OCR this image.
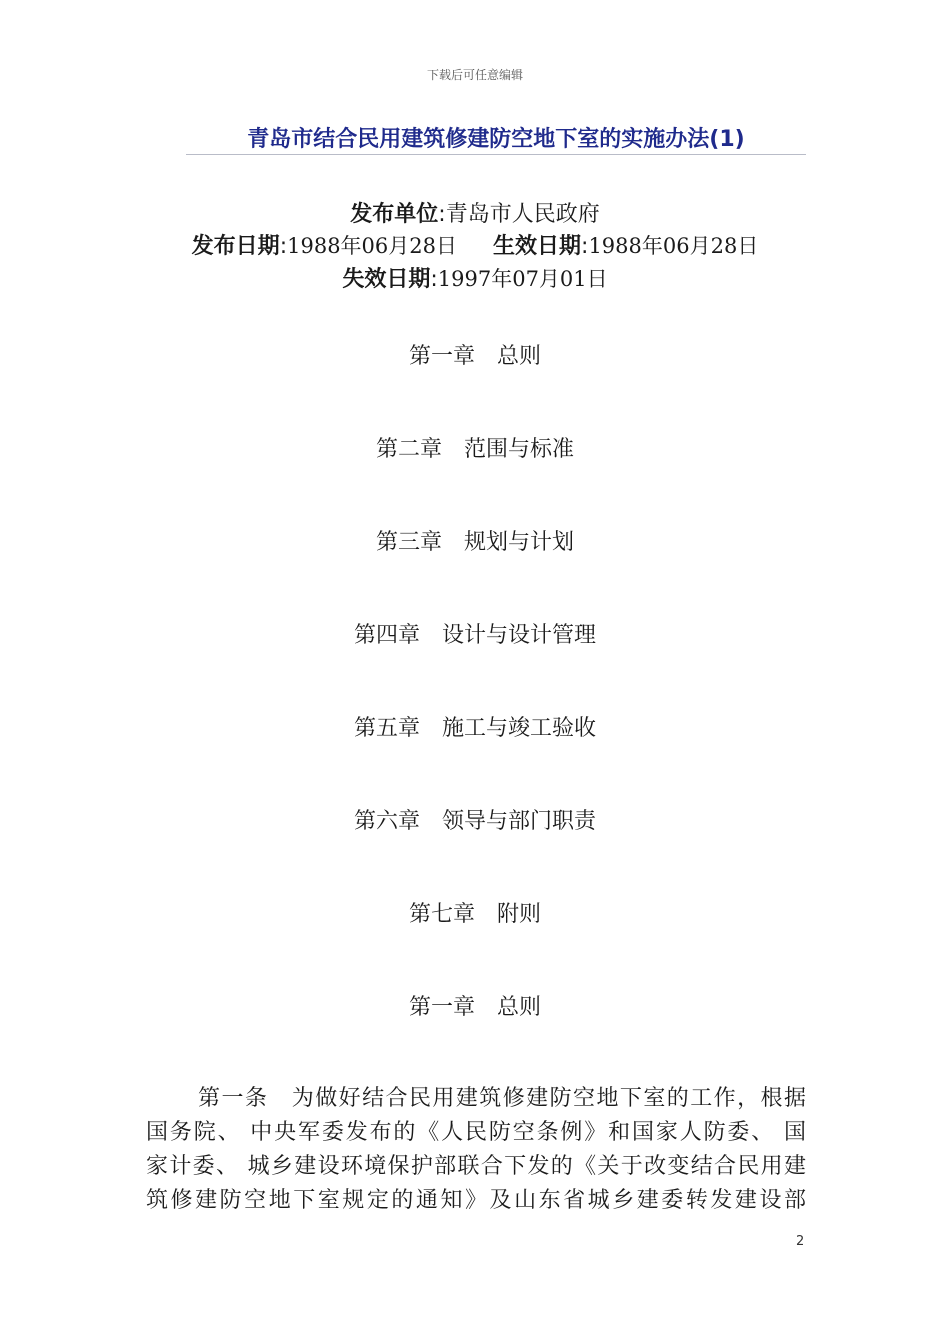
下载后可任意编辑
青岛市结合民用建筑修建防空地下室的实施办法(1)
发布单位:青岛市人民政府
发布日期:1988年06月28日 生效日期:1988年06月28日
失效日期:1997年07月01日
第一章　总则
第二章　范围与标准
第三章　规划与计划
第四章　设计与设计管理
第五章　施工与竣工验收
第六章　领导与部门职责
第七章　附则
第一章　总则
第一条　为做好结合民用建筑修建防空地下室的工作，根据
国务院、 中央军委发布的《人民防空条例》和国家人防委、 国
家计委、 城乡建设环境保护部联合下发的《关于改变结合民用建
筑修建防空地下室规定的通知》及山东省城乡建委转发建设部
2
